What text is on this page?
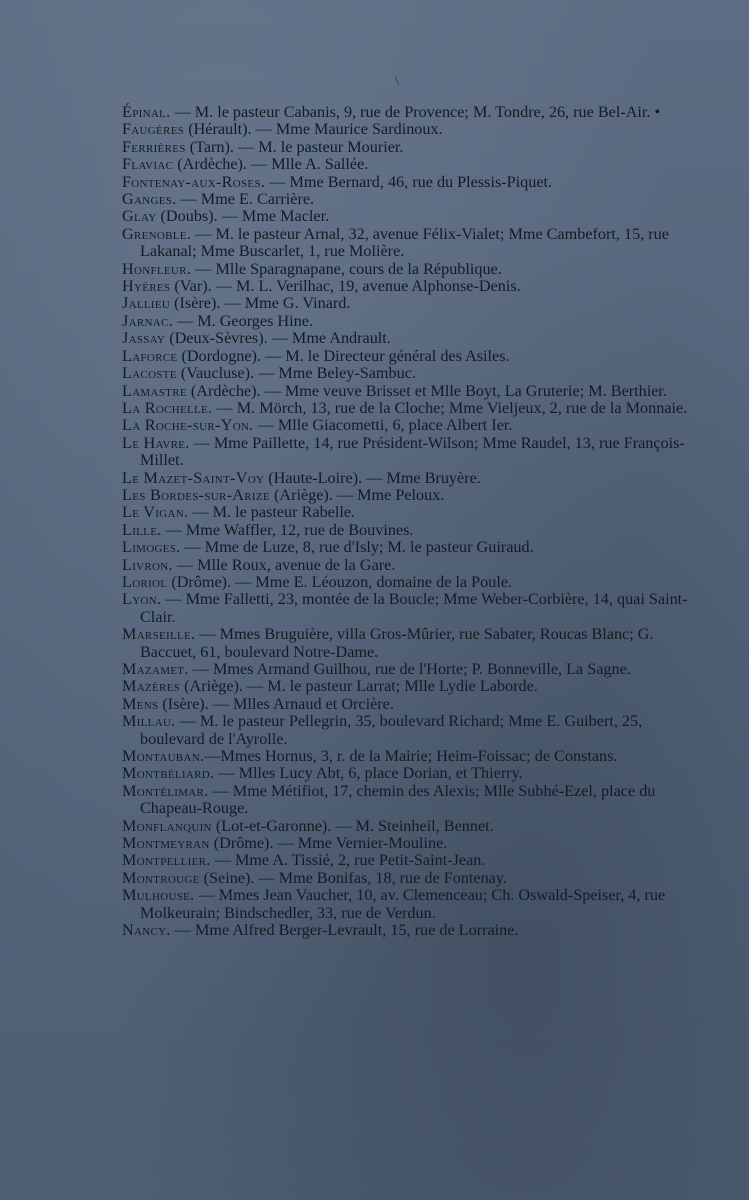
\

Épinal. — M. le pasteur Cabanis, 9, rue de Provence; M. Tondre, 26, rue Bel-Air. •

Faugères (Hérault). — Mme Maurice Sardinoux.

Ferrières (Tarn). — M. le pasteur Mourier.

Flaviac (Ardèche). — Mlle A. Sallée.

Fontenay-aux-Roses. — Mme Bernard, 46, rue du Plessis-Piquet.

Ganges. — Mme E. Carrière.

Glay (Doubs). — Mme Macler.

Grenoble. — M. le pasteur Arnal, 32, avenue Félix-Vialet; Mme Cambefort, 15, rue Lakanal; Mme Buscarlet, 1, rue Molière.

Honfleur. — Mlle Sparagnapane, cours de la République.

Hyères (Var). — M. L. Verilhac, 19, avenue Alphonse-Denis.

Jallieu (Isère). — Mme G. Vinard.

Jarnac. — M. Georges Hine.

Jassay (Deux-Sèvres). — Mme Andrault.

Laforce (Dordogne). — M. le Directeur général des Asiles.

Lacoste (Vaucluse). — Mme Beley-Sambuc.

Lamastre (Ardèche). — Mme veuve Brisset et Mlle Boyt, La Gruterie; M. Berthier.

La Rochelle. — M. Mörch, 13, rue de la Cloche; Mme Vieljeux, 2, rue de la Monnaie.

La Roche-sur-Yon. — Mlle Giacometti, 6, place Albert Ier.

Le Havre. — Mme Paillette, 14, rue Président-Wilson; Mme Raudel, 13, rue François-Millet.

Le Mazet-Saint-Voy (Haute-Loire). — Mme Bruyère.

Les Bordes-sur-Arize (Ariège). — Mme Peloux.

Le Vigan. — M. le pasteur Rabelle.

Lille. — Mme Waffler, 12, rue de Bouvines.

Limoges. — Mme de Luze, 8, rue d'Isly; M. le pasteur Guiraud.

Livron. — Mlle Roux, avenue de la Gare.

Loriol (Drôme). — Mme E. Léouzon, domaine de la Poule.

Lyon. — Mme Falletti, 23, montée de la Boucle; Mme Weber-Corbière, 14, quai Saint-Clair.

Marseille. — Mmes Bruguière, villa Gros-Mûrier, rue Sabater, Roucas Blanc; G. Baccuet, 61, boulevard Notre-Dame.

Mazamet. — Mmes Armand Guilhou, rue de l'Horte; P. Bonneville, La Sagne.

Mazères (Ariège). — M. le pasteur Larrat; Mlle Lydie Laborde.

Mens (Isère). — Mlles Arnaud et Orcière.

Millau. — M. le pasteur Pellegrin, 35, boulevard Richard; Mme E. Guibert, 25, boulevard de l'Ayrolle.

Montauban.—Mmes Hornus, 3, r. de la Mairie; Heim-Foissac; de Constans.

Montbéliard. — Mlles Lucy Abt, 6, place Dorian, et Thierry.

Montélimar. — Mme Métifiot, 17, chemin des Alexis; Mlle Subhé-Ezel, place du Chapeau-Rouge.

Monflanquin (Lot-et-Garonne). — M. Steinheil, Bennet.

Montmeyran (Drôme). — Mme Vernier-Mouline.

Montpellier. — Mme A. Tissié, 2, rue Petit-Saint-Jean.

Montrouge (Seine). — Mme Bonifas, 18, rue de Fontenay.

Mulhouse. — Mmes Jean Vaucher, 10, av. Clemenceau; Ch. Oswald-Speiser, 4, rue Molkeurain; Bindschedler, 33, rue de Verdun.

Nancy. — Mme Alfred Berger-Levrault, 15, rue de Lorraine.
